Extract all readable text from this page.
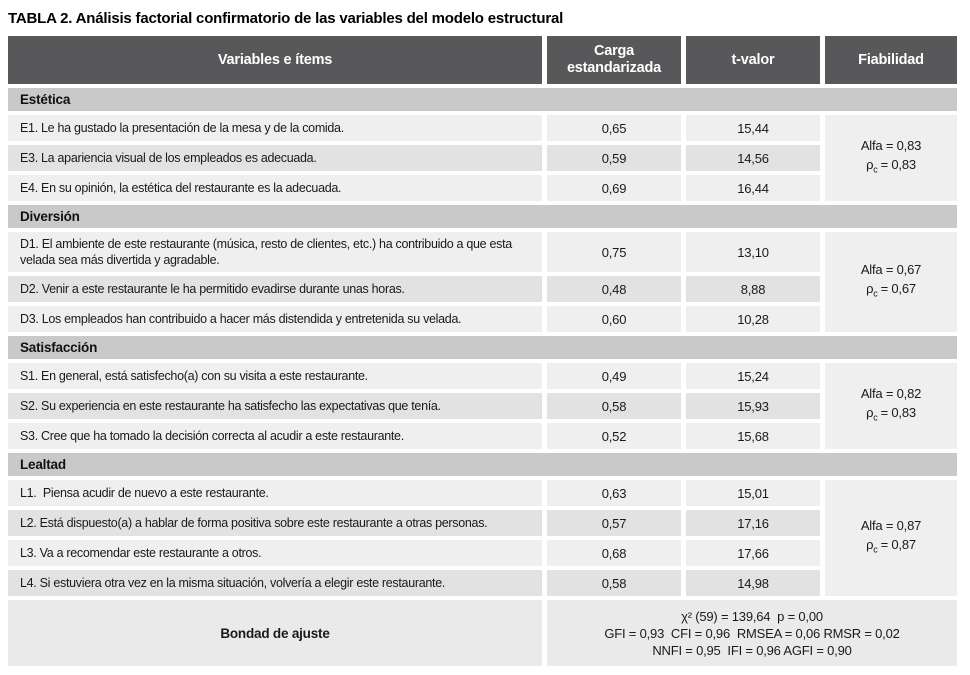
TABLA 2. Análisis factorial confirmatorio de las variables del modelo estructural
Variables e ítems	Carga estandarizada	t-valor	Fiabilidad
Estética			
E1. Le ha gustado la presentación de la mesa y de la comida.	0,65	15,44	Alfa = 0,83
$\rho_c = 0,83$

E3. La apariencia visual de los empleados es adecuada.	0,59	14,56	
E4. En su opinión, la estética del restaurante es la adecuada.	0,69	16,44	
Diversión			
D1. El ambiente de este restaurante (música, resto de clientes, etc.) ha contribuido a que esta velada sea más divertida y agradable.	0,75	13,10	Alfa = 0,67
$\rho_c = 0,67$

D2. Venir a este restaurante le ha permitido evadirse durante unas horas.	0,48	8,88	
D3. Los empleados han contribuido a hacer más distendida y entretenida su velada.	0,60	10,28	
Satisfacción			
S1. En general, está satisfecho(a) con su visita a este restaurante.	0,49	15,24	Alfa = 0,82
$\rho_c = 0,83$

S2. Su experiencia en este restaurante ha satisfecho las expectativas que tenía.	0,58	15,93	
S3. Cree que ha tomado la decisión correcta al acudir a este restaurante.	0,52	15,68	
Lealtad			
L1.  Piensa acudir de nuevo a este restaurante.	0,63	15,01	Alfa = 0,87
$\rho_c = 0,87$

L2. Está dispuesto(a) a hablar de forma positiva sobre este restaurante a otras personas.	0,57	17,16	
L3. Va a recomendar este restaurante a otros.	0,68	17,66	
L4. Si estuviera otra vez en la misma situación, volvería a elegir este restaurante.	0,58	14,98	
Bondad de ajuste	χ² (59) = 139,64  p = 0,00
GFI = 0,93  CFI = 0,96  RMSEA = 0,06 RMSR = 0,02
NNFI = 0,95  IFI = 0,96 AGFI = 0,90		
